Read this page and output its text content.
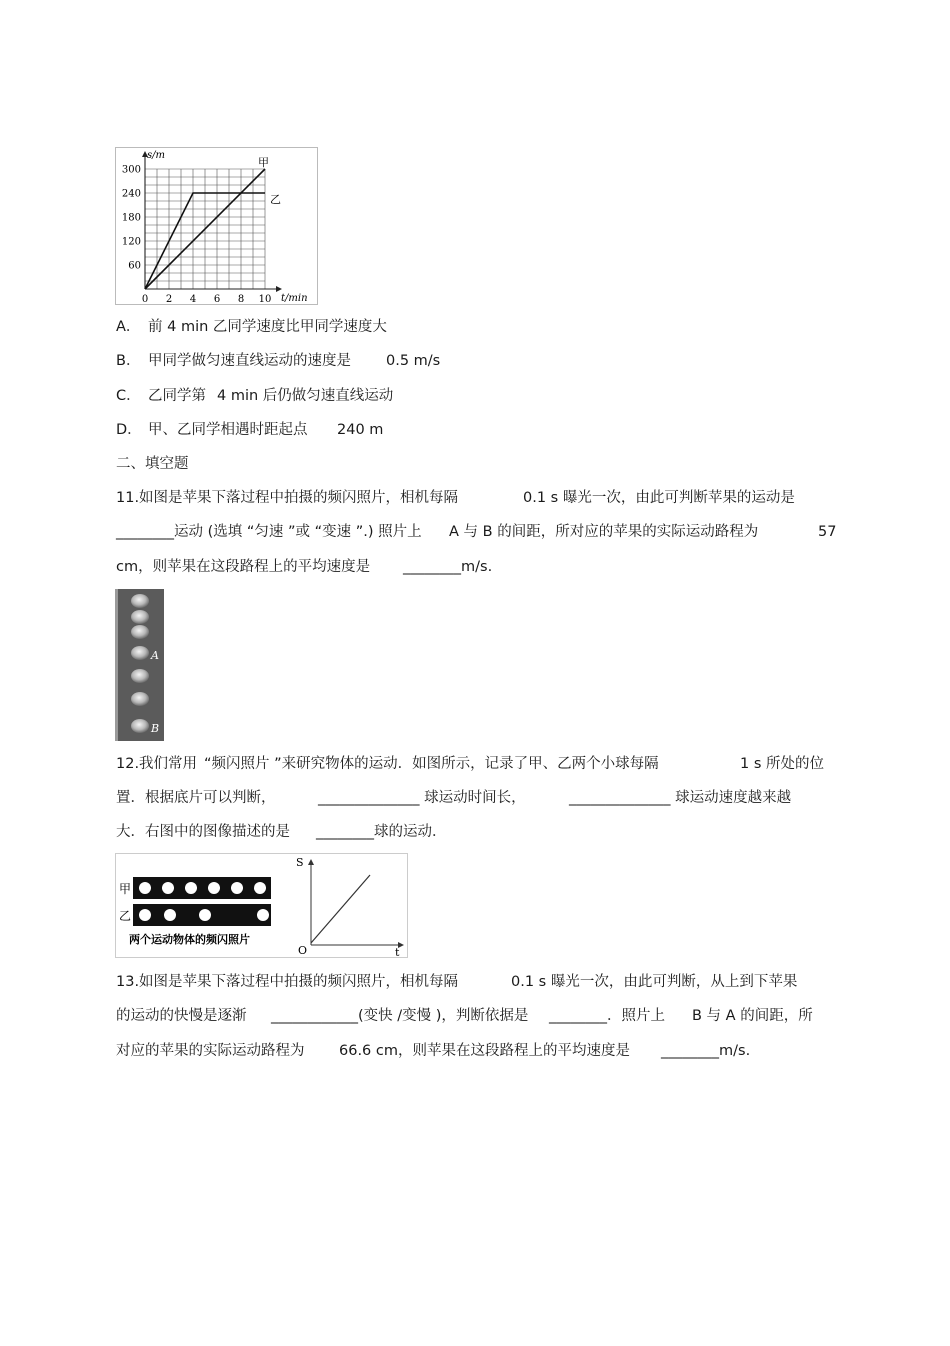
0 2 4 6 8 10
60
120
180
240
300
s/m
t/min
甲
乙
A． 前 4 min 乙同学速度比甲同学速度大
B． 甲同学做匀速直线运动的速度是 0.5 m/s
C． 乙同学第 4 min 后仍做匀速直线运动
D． 甲、乙同学相遇时距起点 240 m
二、填空题
11.如图是苹果下落过程中拍摄的频闪照片，相机每隔	0.1 s 曝光一次，由此可判断苹果的运动是
________运动 (选填 “匀速 ”或 “变速 ”.) 照片上 A 与 B 的间距，所对应的苹果的实际运动路程为	57
cm，则苹果在这段路程上的平均速度是 ________m/s.
A
B
12.我们常用 “频闪照片 ”来研究物体的运动．如图所示，记录了甲、乙两个小球每隔	1 s 所处的位
置．根据底片可以判断，	______________ 球运动时间长，	______________ 球运动速度越来越
大．右图中的图像描述的是 ________球的运动．
甲
乙
两个运动物体的频闪照片
S
O	t
13.如图是苹果下落过程中拍摄的频闪照片，相机每隔	0.1 s 曝光一次，由此可判断，从上到下苹果
的运动的快慢是逐渐 ____________(变快 /变慢 )，判断依据是 ________．照片上 B 与 A 的间距，所
对应的苹果的实际运动路程为 66.6 cm，则苹果在这段路程上的平均速度是 ________m/s.
